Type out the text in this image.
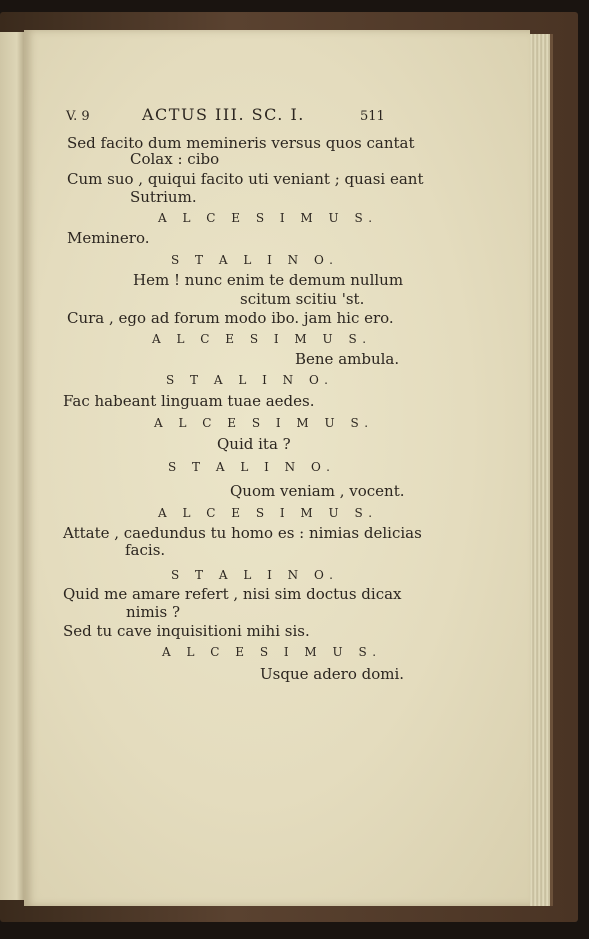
V. 9	ACTUS III. SC. I.	511
Sed facito dum memineris versus quos cantat
Colax : cibo
Cum suo , quiqui facito uti veniant ; quasi eant
Sutrium.
A L C E S I M U S.
Meminero.
S T A L I N O.
Hem ! nunc enim te demum nullum
scitum scitiu 'st.
Cura , ego ad forum modo ibo. jam hic ero.
A L C E S I M U S.
Bene ambula.
S T A L I N O.
Fac habeant linguam tuae aedes.
A L C E S I M U S.
Quid ita ?
S T A L I N O.
Quom veniam , vocent.
A L C E S I M U S.
Attate , caedundus tu homo es : nimias delicias
facis.
S T A L I N O.
Quid me amare refert , nisi sim doctus dicax
nimis ?
Sed tu cave inquisitioni mihi sis.
A L C E S I M U S.
Usque adero domi.
